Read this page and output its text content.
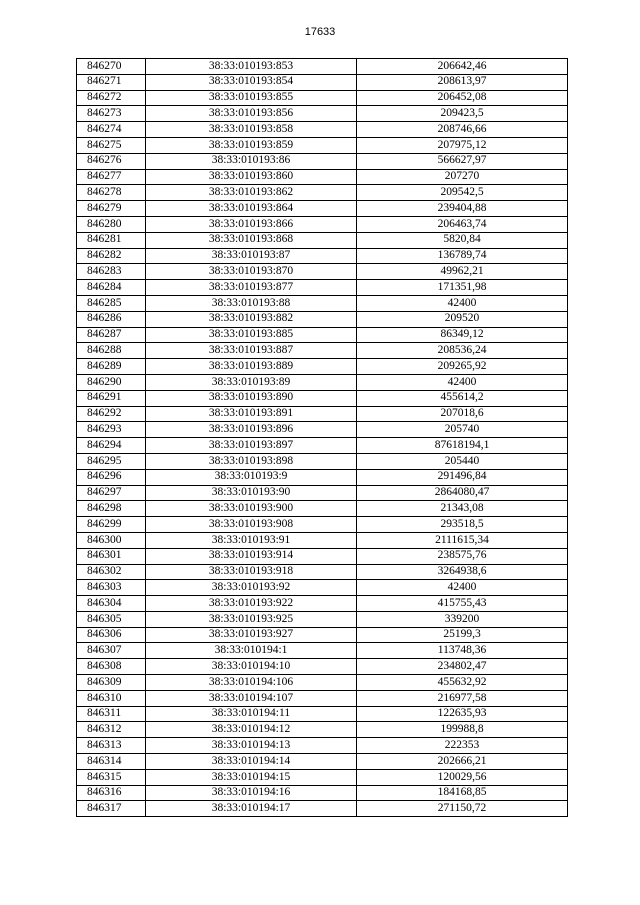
17633
846270	38:33:010193:853	206642,46
846271	38:33:010193:854	208613,97
846272	38:33:010193:855	206452,08
846273	38:33:010193:856	209423,5
846274	38:33:010193:858	208746,66
846275	38:33:010193:859	207975,12
846276	38:33:010193:86	566627,97
846277	38:33:010193:860	207270
846278	38:33:010193:862	209542,5
846279	38:33:010193:864	239404,88
846280	38:33:010193:866	206463,74
846281	38:33:010193:868	5820,84
846282	38:33:010193:87	136789,74
846283	38:33:010193:870	49962,21
846284	38:33:010193:877	171351,98
846285	38:33:010193:88	42400
846286	38:33:010193:882	209520
846287	38:33:010193:885	86349,12
846288	38:33:010193:887	208536,24
846289	38:33:010193:889	209265,92
846290	38:33:010193:89	42400
846291	38:33:010193:890	455614,2
846292	38:33:010193:891	207018,6
846293	38:33:010193:896	205740
846294	38:33:010193:897	87618194,1
846295	38:33:010193:898	205440
846296	38:33:010193:9	291496,84
846297	38:33:010193:90	2864080,47
846298	38:33:010193:900	21343,08
846299	38:33:010193:908	293518,5
846300	38:33:010193:91	2111615,34
846301	38:33:010193:914	238575,76
846302	38:33:010193:918	3264938,6
846303	38:33:010193:92	42400
846304	38:33:010193:922	415755,43
846305	38:33:010193:925	339200
846306	38:33:010193:927	25199,3
846307	38:33:010194:1	113748,36
846308	38:33:010194:10	234802,47
846309	38:33:010194:106	455632,92
846310	38:33:010194:107	216977,58
846311	38:33:010194:11	122635,93
846312	38:33:010194:12	199988,8
846313	38:33:010194:13	222353
846314	38:33:010194:14	202666,21
846315	38:33:010194:15	120029,56
846316	38:33:010194:16	184168,85
846317	38:33:010194:17	271150,72
